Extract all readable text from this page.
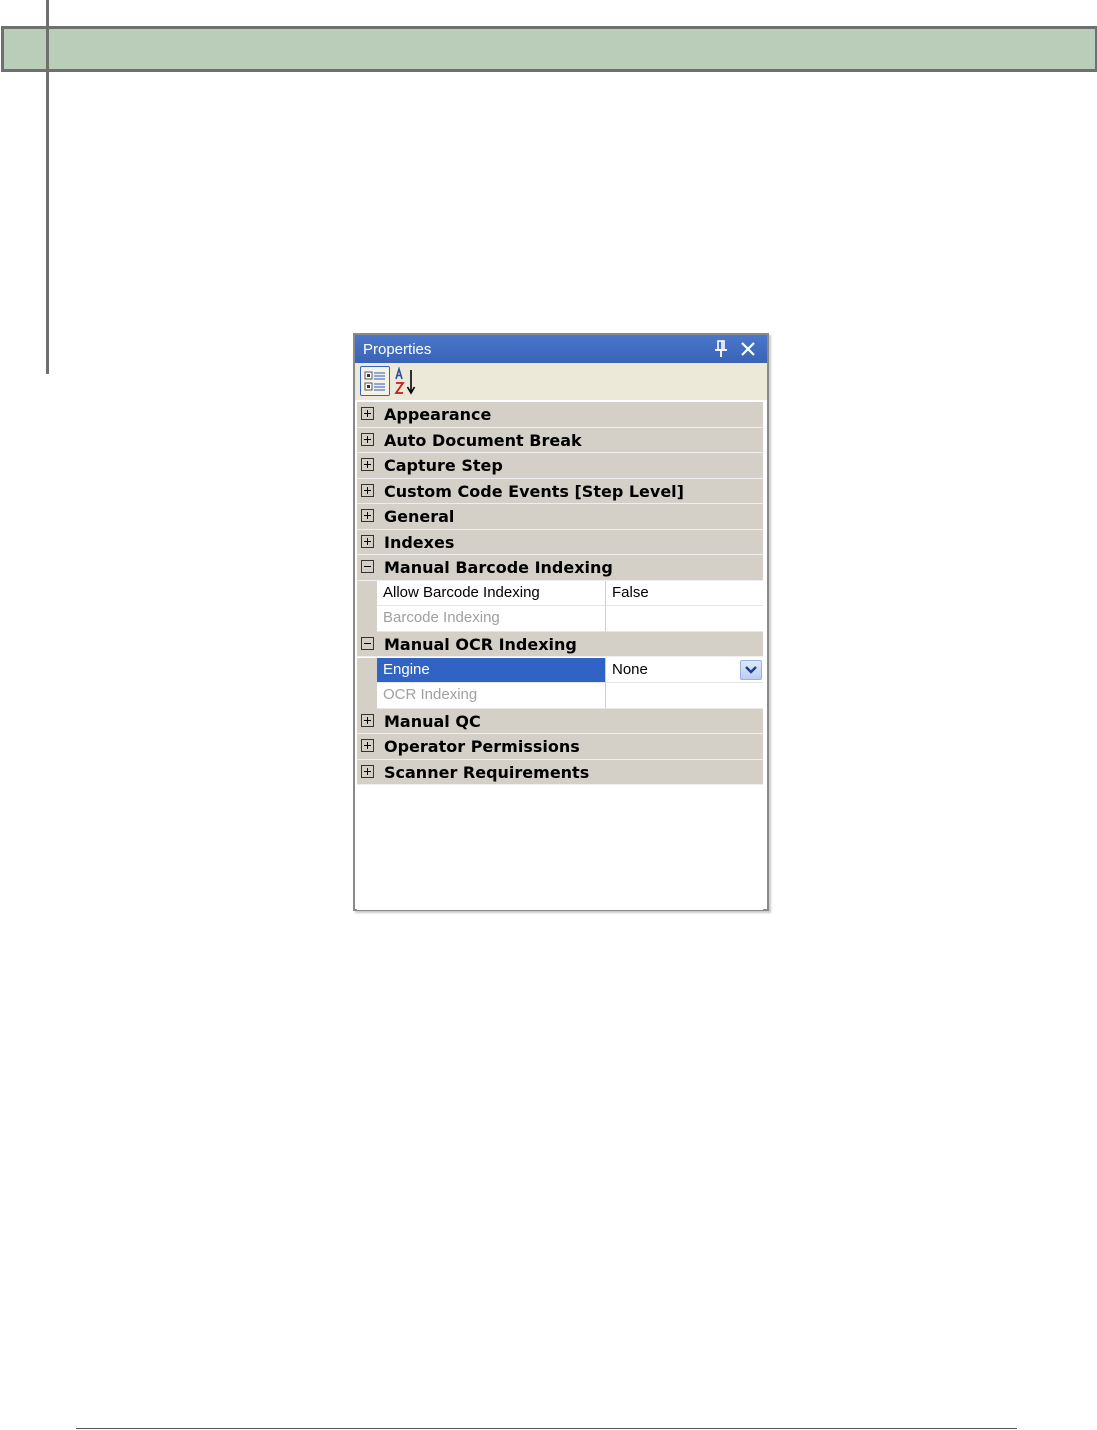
Properties
Appearance
Auto Document Break
Capture Step
Custom Code Events [Step Level]
General
Indexes
Manual Barcode Indexing
Allow Barcode Indexing	False
Barcode Indexing
Manual OCR Indexing
Engine	None
OCR Indexing
Manual QC
Operator Permissions
Scanner Requirements
